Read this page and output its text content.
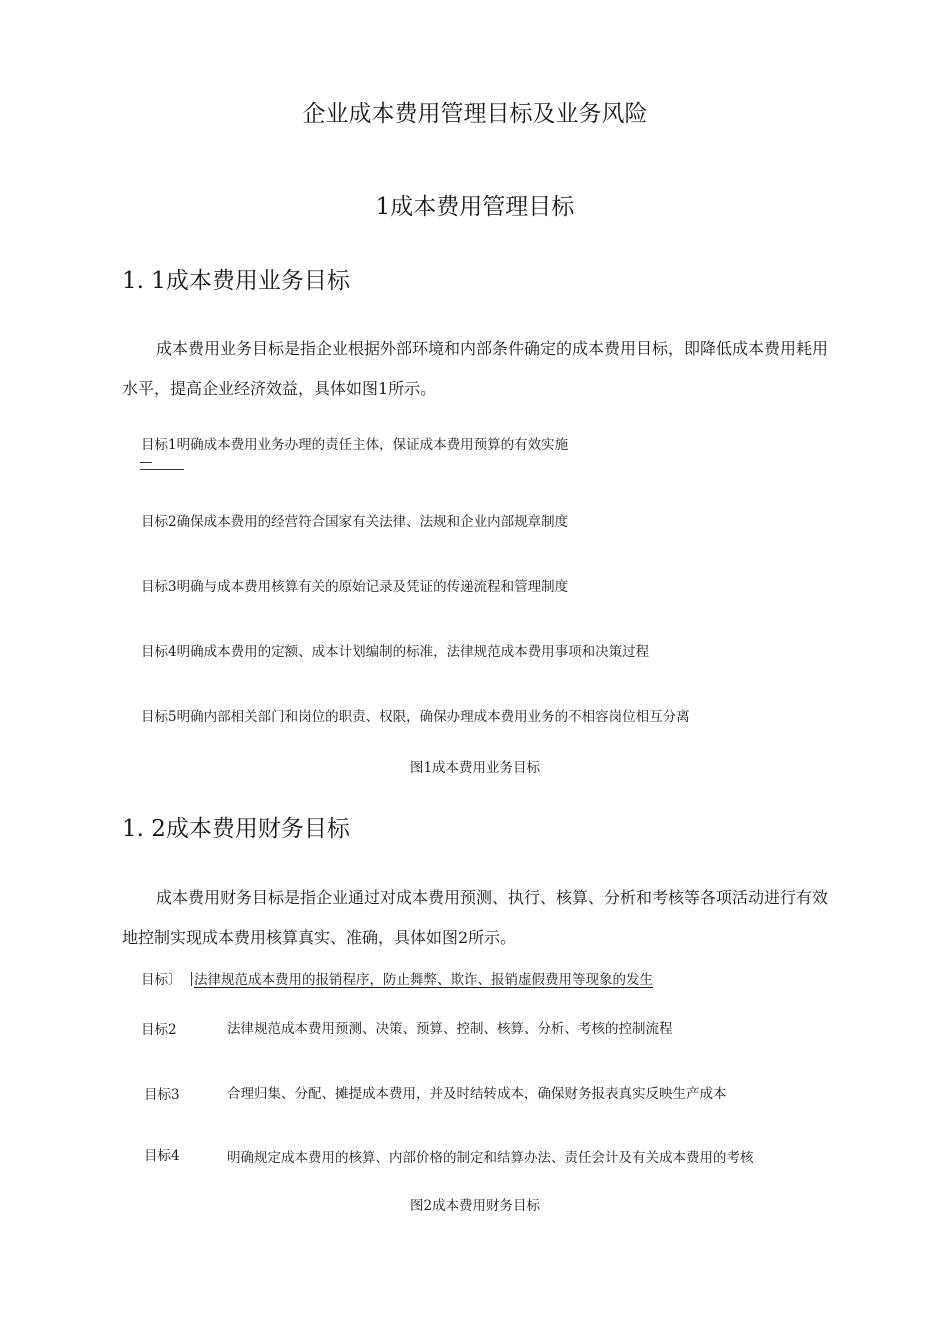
企业成本费用管理目标及业务风险
1成本费用管理目标
1. 1成本费用业务目标
成本费用业务目标是指企业根据外部环境和内部条件确定的成本费用目标，即降低成本费用耗用水平，提高企业经济效益，具体如图1所示。
目标1明确成本费用业务办理的责任主体，保证成本费用预算的有效实施
目标2确保成本费用的经营符合国家有关法律、法规和企业内部规章制度
目标3明确与成本费用核算有关的原始记录及凭证的传递流程和管理制度
目标4明确成本费用的定额、成本计划编制的标准，法律规范成本费用事项和决策过程
目标5明确内部相关部门和岗位的职责、权限，确保办理成本费用业务的不相容岗位相互分离
图1成本费用业务目标
1. 2成本费用财务目标
成本费用财务目标是指企业通过对成本费用预测、执行、核算、分析和考核等各项活动进行有效地控制实现成本费用核算真实、准确，具体如图2所示。
目标〕 法律规范成本费用的报销程序，防止舞弊、欺诈、报销虚假费用等现象的发生
目标2	法律规范成本费用预测、决策、预算、控制、核算、分析、考核的控制流程
目标3	合理归集、分配、摊提成本费用，并及时结转成本，确保财务报表真实反映生产成本
目标4	明确规定成本费用的核算、内部价格的制定和结算办法、责任会计及有关成本费用的考核
图2成本费用财务目标
